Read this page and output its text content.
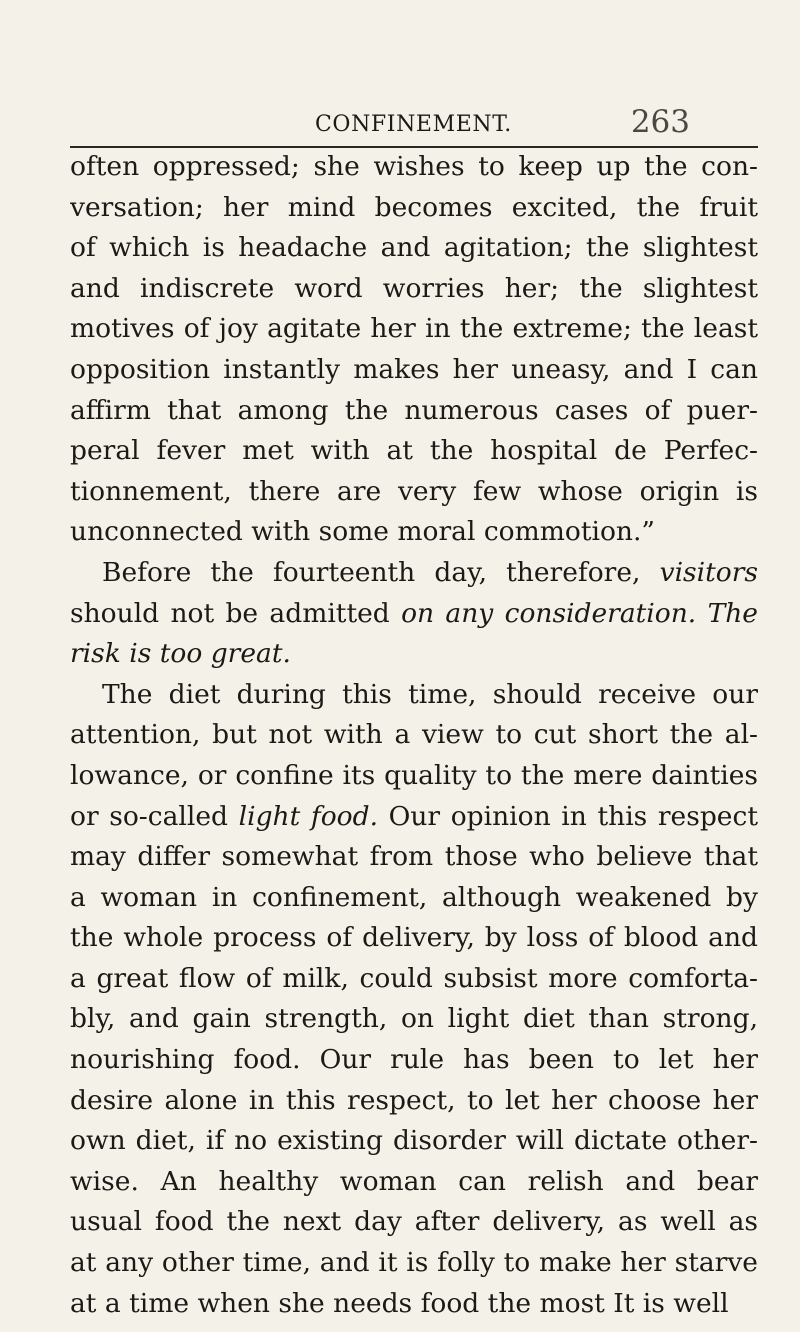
CONFINEMENT.	263
often oppressed; she wishes to keep up the con-
versation; her mind becomes excited, the fruit
of which is headache and agitation; the slightest
and indiscrete word worries her; the slightest
motives of joy agitate her in the extreme; the least
opposition instantly makes her uneasy, and I can
affirm that among the numerous cases of puer-
peral fever met with at the hospital de Perfec-
tionnement, there are very few whose origin is
unconnected with some moral commotion.”
Before the fourteenth day, therefore, visitors
should not be admitted on any consideration. The
risk is too great.
The diet during this time, should receive our
attention, but not with a view to cut short the al-
lowance, or confine its quality to the mere dainties
or so-called light food. Our opinion in this respect
may differ somewhat from those who believe that
a woman in confinement, although weakened by
the whole process of delivery, by loss of blood and
a great flow of milk, could subsist more comforta-
bly, and gain strength, on light diet than strong,
nourishing food. Our rule has been to let her
desire alone in this respect, to let her choose her
own diet, if no existing disorder will dictate other-
wise. An healthy woman can relish and bear
usual food the next day after delivery, as well as
at any other time, and it is folly to make her starve
at a time when she needs food the most It is well
